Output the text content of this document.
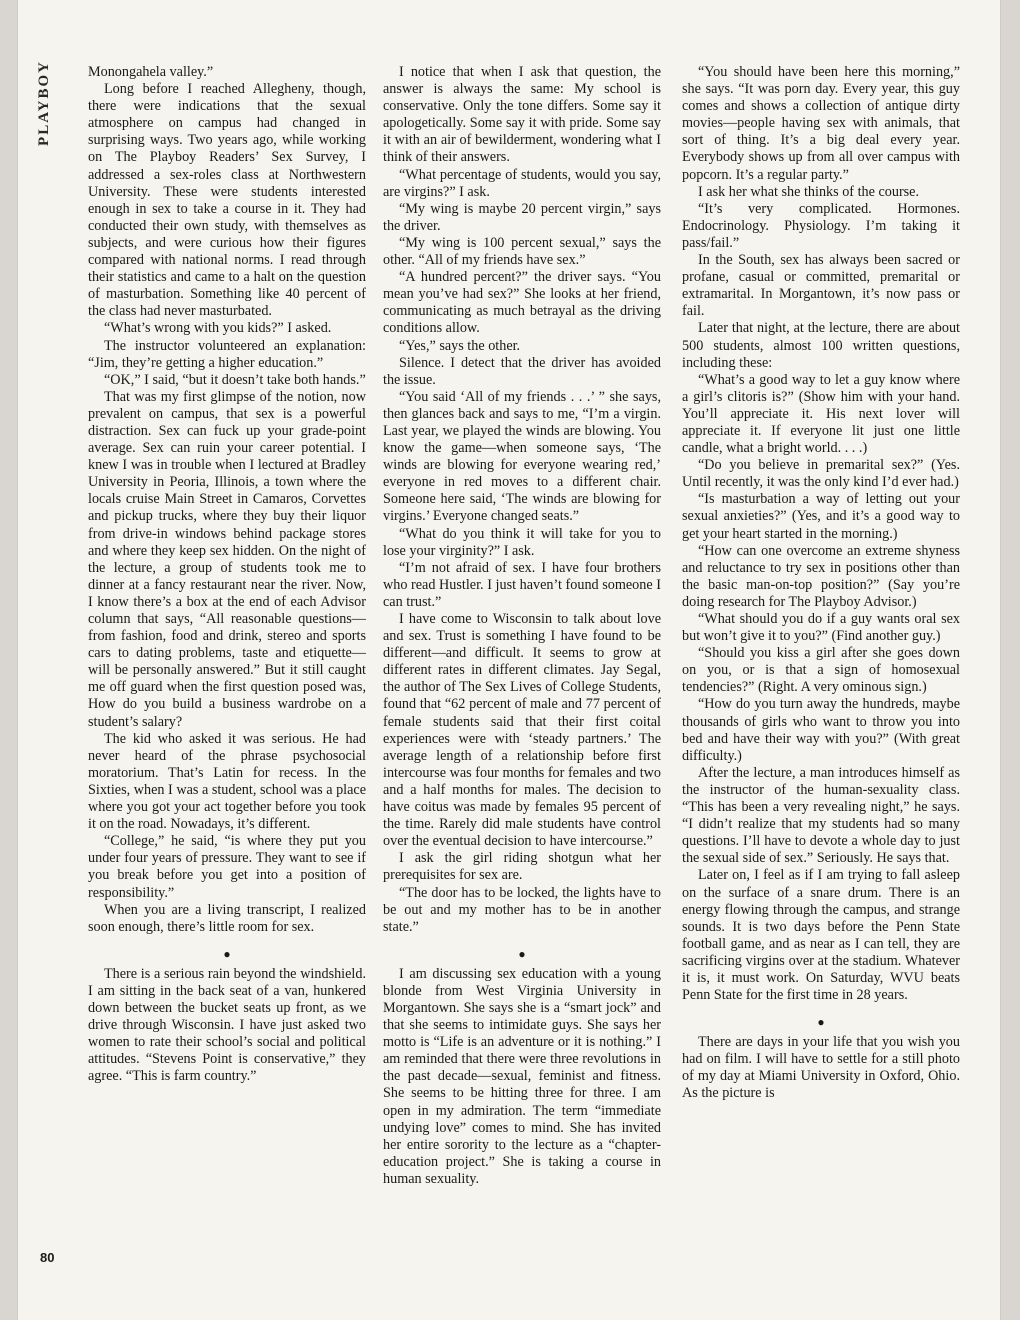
PLAYBOY
80

Monongahela valley.”

Long before I reached Allegheny, though, there were indications that the sexual atmosphere on campus had changed in surprising ways. Two years ago, while working on The Playboy Readers’ Sex Survey, I addressed a sex-roles class at Northwestern University. These were students interested enough in sex to take a course in it. They had conducted their own study, with themselves as subjects, and were curious how their figures compared with national norms. I read through their statistics and came to a halt on the question of masturbation. Something like 40 percent of the class had never masturbated.

“What’s wrong with you kids?” I asked.

The instructor volunteered an explanation: “Jim, they’re getting a higher education.”

“OK,” I said, “but it doesn’t take both hands.”

That was my first glimpse of the notion, now prevalent on campus, that sex is a powerful distraction. Sex can fuck up your grade-point average. Sex can ruin your career potential. I knew I was in trouble when I lectured at Bradley University in Peoria, Illinois, a town where the locals cruise Main Street in Camaros, Corvettes and pickup trucks, where they buy their liquor from drive-in windows behind package stores and where they keep sex hidden. On the night of the lecture, a group of students took me to dinner at a fancy restaurant near the river. Now, I know there’s a box at the end of each Advisor column that says, “All reasonable questions—from fashion, food and drink, stereo and sports cars to dating problems, taste and etiquette—will be personally answered.” But it still caught me off guard when the first question posed was, How do you build a business wardrobe on a student’s salary?

The kid who asked it was serious. He had never heard of the phrase psychosocial moratorium. That’s Latin for recess. In the Sixties, when I was a student, school was a place where you got your act together before you took it on the road. Nowadays, it’s different.

“College,” he said, “is where they put you under four years of pressure. They want to see if you break before you get into a position of responsibility.”

When you are a living transcript, I realized soon enough, there’s little room for sex.

●

There is a serious rain beyond the windshield. I am sitting in the back seat of a van, hunkered down between the bucket seats up front, as we drive through Wisconsin. I have just asked two women to rate their school’s social and political attitudes. “Stevens Point is conservative,” they agree. “This is farm country.”

I notice that when I ask that question, the answer is always the same: My school is conservative. Only the tone differs. Some say it apologetically. Some say it with pride. Some say it with an air of bewilderment, wondering what I think of their answers.

“What percentage of students, would you say, are virgins?” I ask.

“My wing is maybe 20 percent virgin,” says the driver.

“My wing is 100 percent sexual,” says the other. “All of my friends have sex.”

“A hundred percent?” the driver says. “You mean you’ve had sex?” She looks at her friend, communicating as much betrayal as the driving conditions allow.

“Yes,” says the other.

Silence. I detect that the driver has avoided the issue.

“You said ‘All of my friends . . .’ ” she says, then glances back and says to me, “I’m a virgin. Last year, we played the winds are blowing. You know the game—when someone says, ‘The winds are blowing for everyone wearing red,’ everyone in red moves to a different chair. Someone here said, ‘The winds are blowing for virgins.’ Everyone changed seats.”

“What do you think it will take for you to lose your virginity?” I ask.

“I’m not afraid of sex. I have four brothers who read Hustler. I just haven’t found someone I can trust.”

I have come to Wisconsin to talk about love and sex. Trust is something I have found to be different—and difficult. It seems to grow at different rates in different climates. Jay Segal, the author of The Sex Lives of College Students, found that “62 percent of male and 77 percent of female students said that their first coital experiences were with ‘steady partners.’ The average length of a relationship before first intercourse was four months for females and two and a half months for males. The decision to have coitus was made by females 95 percent of the time. Rarely did male students have control over the eventual decision to have intercourse.”

I ask the girl riding shotgun what her prerequisites for sex are.

“The door has to be locked, the lights have to be out and my mother has to be in another state.”

●

I am discussing sex education with a young blonde from West Virginia University in Morgantown. She says she is a “smart jock” and that she seems to intimidate guys. She says her motto is “Life is an adventure or it is nothing.” I am reminded that there were three revolutions in the past decade—sexual, feminist and fitness. She seems to be hitting three for three. I am open in my admiration. The term “immediate undying love” comes to mind. She has invited her entire sorority to the lecture as a “chapter-education project.” She is taking a course in human sexuality.

“You should have been here this morning,” she says. “It was porn day. Every year, this guy comes and shows a collection of antique dirty movies—people having sex with animals, that sort of thing. It’s a big deal every year. Everybody shows up from all over campus with popcorn. It’s a regular party.”

I ask her what she thinks of the course.

“It’s very complicated. Hormones. Endocrinology. Physiology. I’m taking it pass/fail.”

In the South, sex has always been sacred or profane, casual or committed, premarital or extramarital. In Morgantown, it’s now pass or fail.

Later that night, at the lecture, there are about 500 students, almost 100 written questions, including these:

“What’s a good way to let a guy know where a girl’s clitoris is?” (Show him with your hand. You’ll appreciate it. His next lover will appreciate it. If everyone lit just one little candle, what a bright world. . . .)

“Do you believe in premarital sex?” (Yes. Until recently, it was the only kind I’d ever had.)

“Is masturbation a way of letting out your sexual anxieties?” (Yes, and it’s a good way to get your heart started in the morning.)

“How can one overcome an extreme shyness and reluctance to try sex in positions other than the basic man-on-top position?” (Say you’re doing research for The Playboy Advisor.)

“What should you do if a guy wants oral sex but won’t give it to you?” (Find another guy.)

“Should you kiss a girl after she goes down on you, or is that a sign of homosexual tendencies?” (Right. A very ominous sign.)

“How do you turn away the hundreds, maybe thousands of girls who want to throw you into bed and have their way with you?” (With great difficulty.)

After the lecture, a man introduces himself as the instructor of the human-sexuality class. “This has been a very revealing night,” he says. “I didn’t realize that my students had so many questions. I’ll have to devote a whole day to just the sexual side of sex.” Seriously. He says that.

Later on, I feel as if I am trying to fall asleep on the surface of a snare drum. There is an energy flowing through the campus, and strange sounds. It is two days before the Penn State football game, and as near as I can tell, they are sacrificing virgins over at the stadium. Whatever it is, it must work. On Saturday, WVU beats Penn State for the first time in 28 years.

●

There are days in your life that you wish you had on film. I will have to settle for a still photo of my day at Miami University in Oxford, Ohio. As the picture is
